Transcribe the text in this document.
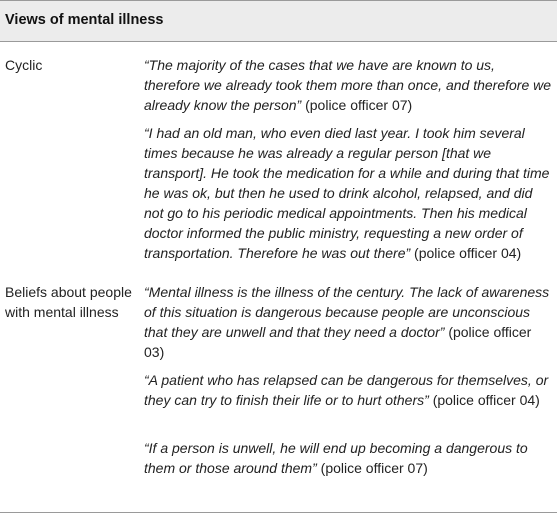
Views of mental illness
Cyclic	“The majority of the cases that we have are known to us, therefore we already took them more than once, and therefore we already know the person” (police officer 07)
“I had an old man, who even died last year. I took him several times because he was already a regular person [that we transport]. He took the medication for a while and during that time he was ok, but then he used to drink alcohol, relapsed, and did not go to his periodic medical appointments. Then his medical doctor informed the public ministry, requesting a new order of transportation. Therefore he was out there” (police officer 04)
Beliefs about people with mental illness
“Mental illness is the illness of the century. The lack of awareness of this situation is dangerous because people are unconscious that they are unwell and that they need a doctor” (police officer 03)
“A patient who has relapsed can be dangerous for themselves, or they can try to finish their life or to hurt others” (police officer 04)
“If a person is unwell, he will end up becoming a dangerous to them or those around them” (police officer 07)
